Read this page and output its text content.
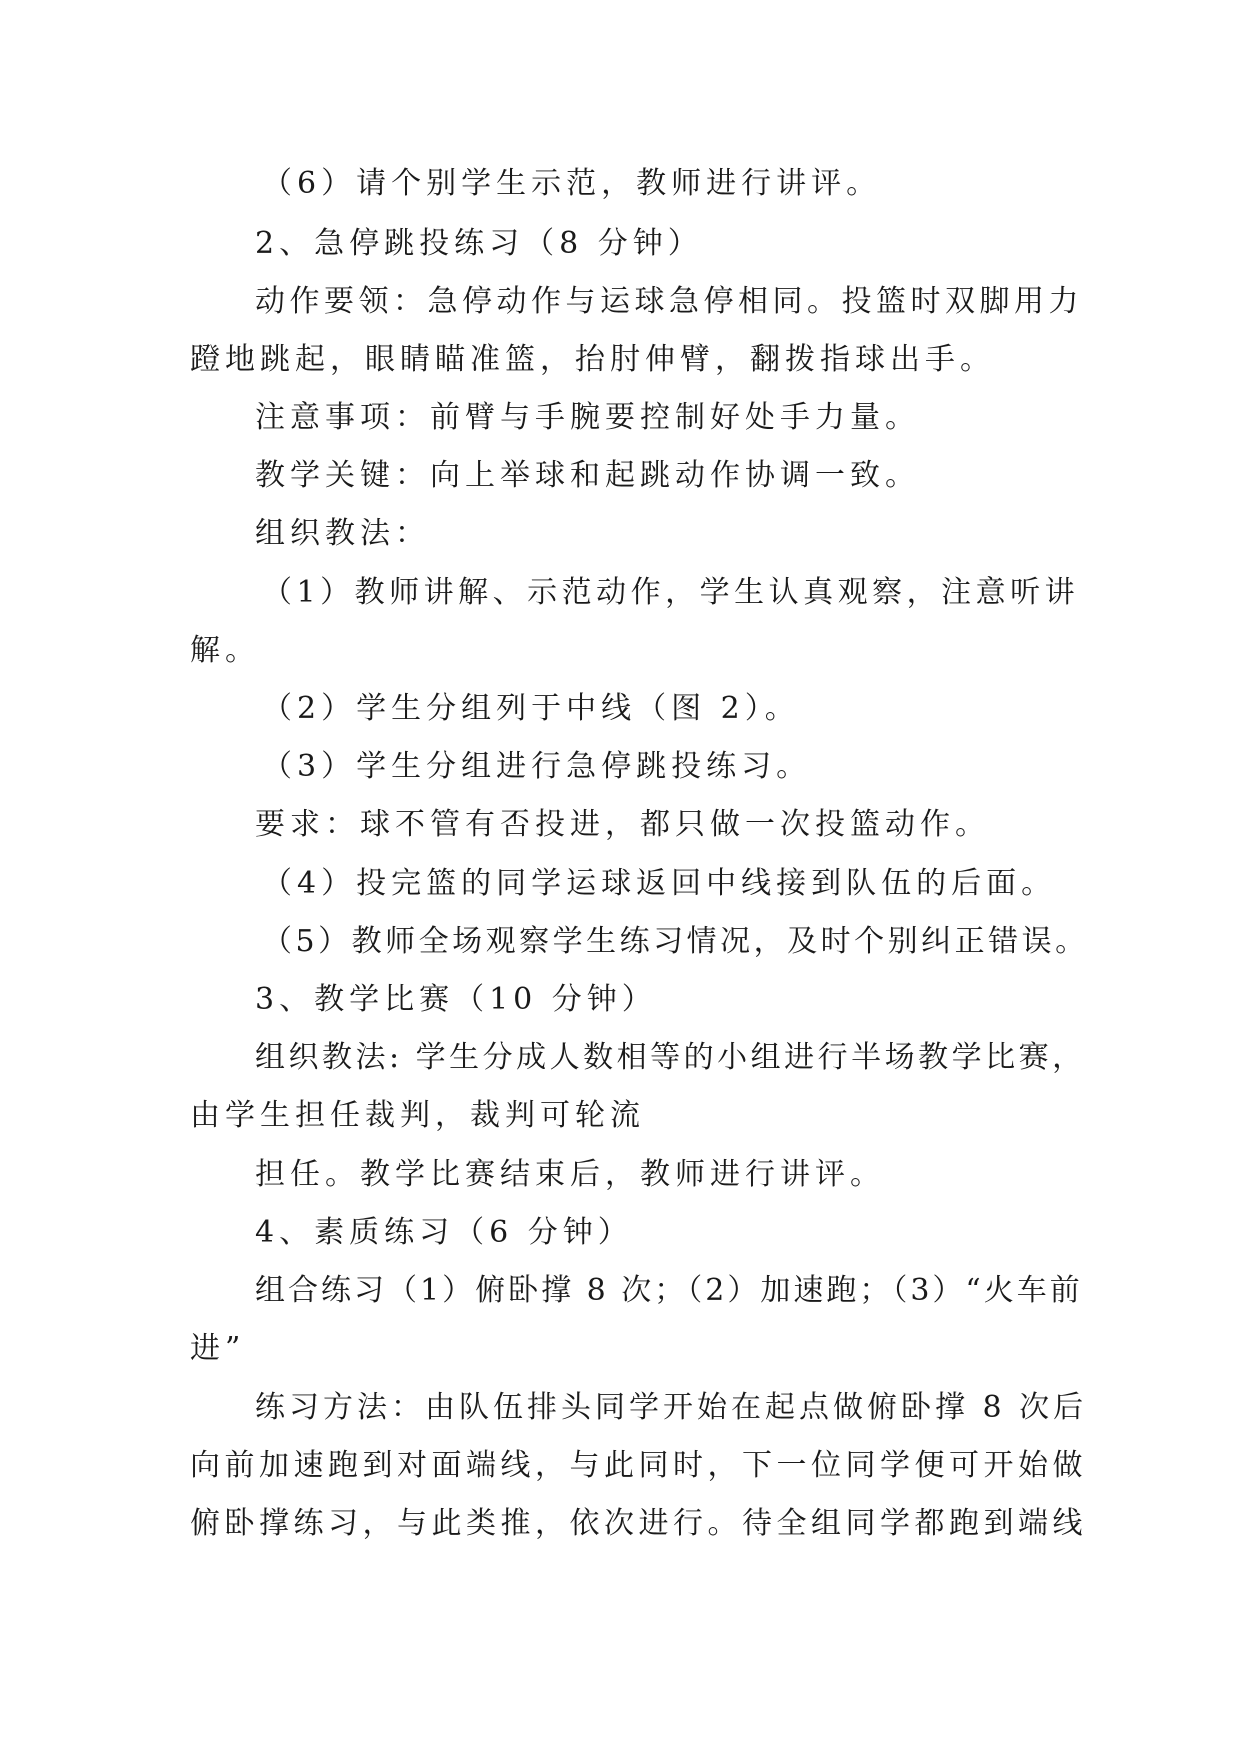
（6）请个别学生示范，教师进行讲评。
2、急停跳投练习（8 分钟）
动作要领：急停动作与运球急停相同。投篮时双脚用力
蹬地跳起，眼睛瞄准篮，抬肘伸臂，翻拨指球出手。
注意事项：前臂与手腕要控制好处手力量。
教学关键：向上举球和起跳动作协调一致。
组织教法：
（1）教师讲解、示范动作，学生认真观察，注意听讲
解。
（2）学生分组列于中线（图 2）。
（3）学生分组进行急停跳投练习。
要求：球不管有否投进，都只做一次投篮动作。
（4）投完篮的同学运球返回中线接到队伍的后面。
（5）教师全场观察学生练习情况，及时个别纠正错误。
3、教学比赛（10 分钟）
组织教法: 学生分成人数相等的小组进行半场教学比赛，
由学生担任裁判，裁判可轮流
担任。教学比赛结束后，教师进行讲评。
4、素质练习（6 分钟）
组合练习（1）俯卧撑 8 次；（2）加速跑；（3）“火车前
进”
练习方法：由队伍排头同学开始在起点做俯卧撑 8 次后
向前加速跑到对面端线，与此同时，下一位同学便可开始做
俯卧撑练习，与此类推，依次进行。待全组同学都跑到端线
